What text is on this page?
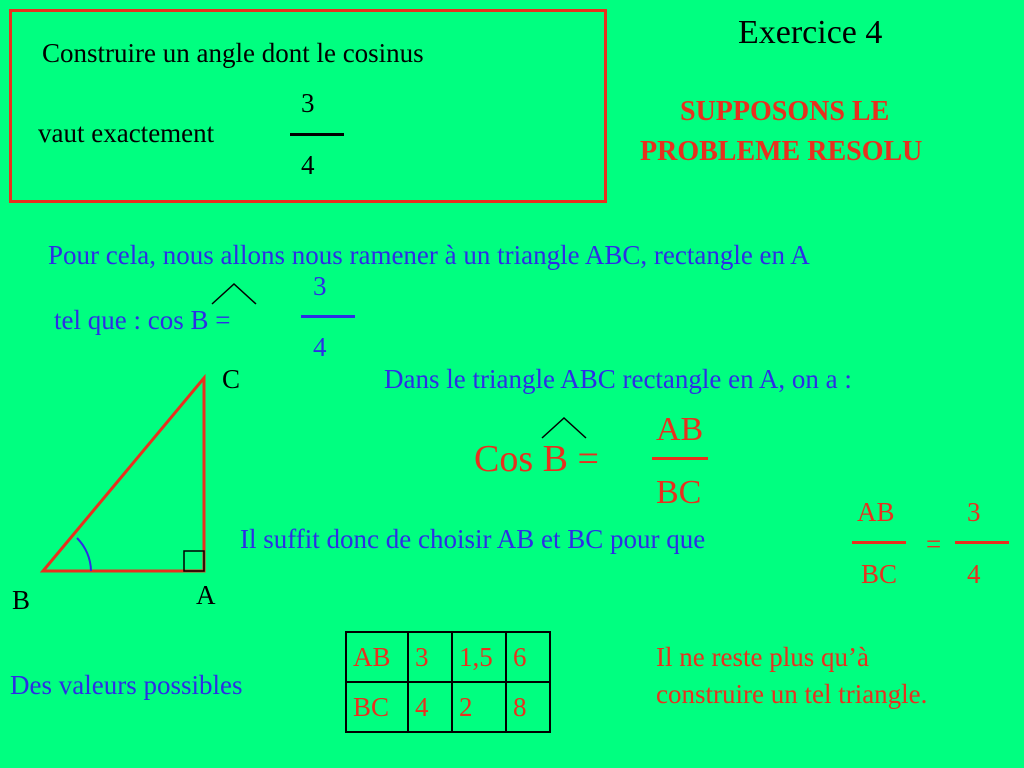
Exercice 4
Construire un angle dont le cosinus
vaut exactement
3
4
SUPPOSONS LE
PROBLEME RESOLU
Pour cela, nous allons nous ramener à un triangle ABC, rectangle en A
tel que : cos B =
3
4
C
B	A
Dans le triangle ABC rectangle en A, on a :
Cos B =
AB
BC
Il suffit donc de choisir AB et BC pour que
AB
BC
=
3
4
Des valeurs possibles
AB	3	1,5	6
BC	4	2	8
Il ne reste plus qu’à
construire un tel triangle.
